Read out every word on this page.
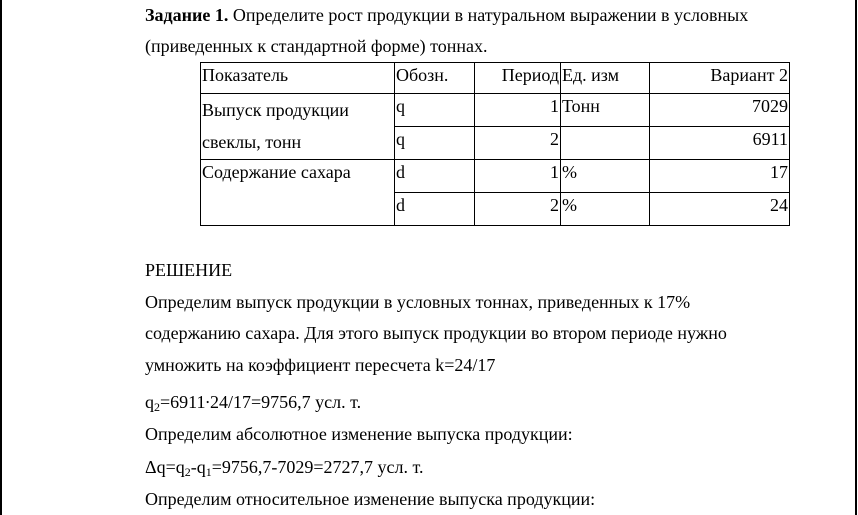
Задание 1. Определите рост продукции в натуральном выражении в условных
(приведенных к стандартной форме) тоннах.
Показатель	Обозн.	Период	Ед. изм	Вариант 2
Выпуск продукции свеклы, тонн	q	1	Тонн	7029
	q	2		6911
Содержание сахара	d	1	%	17
	d	2	%	24
РЕШЕНИЕ
Определим выпуск продукции в условных тоннах, приведенных к 17%
содержанию сахара. Для этого выпуск продукции во втором периоде нужно
умножить на коэффициент пересчета k=24/17
$q_2=6911\cdot 24/17=9756,7$ усл. т.
Определим абсолютное изменение выпуска продукции:
$\Delta q=q_2-q_1=9756,7-7029=2727,7$ усл. т.
Определим относительное изменение выпуска продукции:
